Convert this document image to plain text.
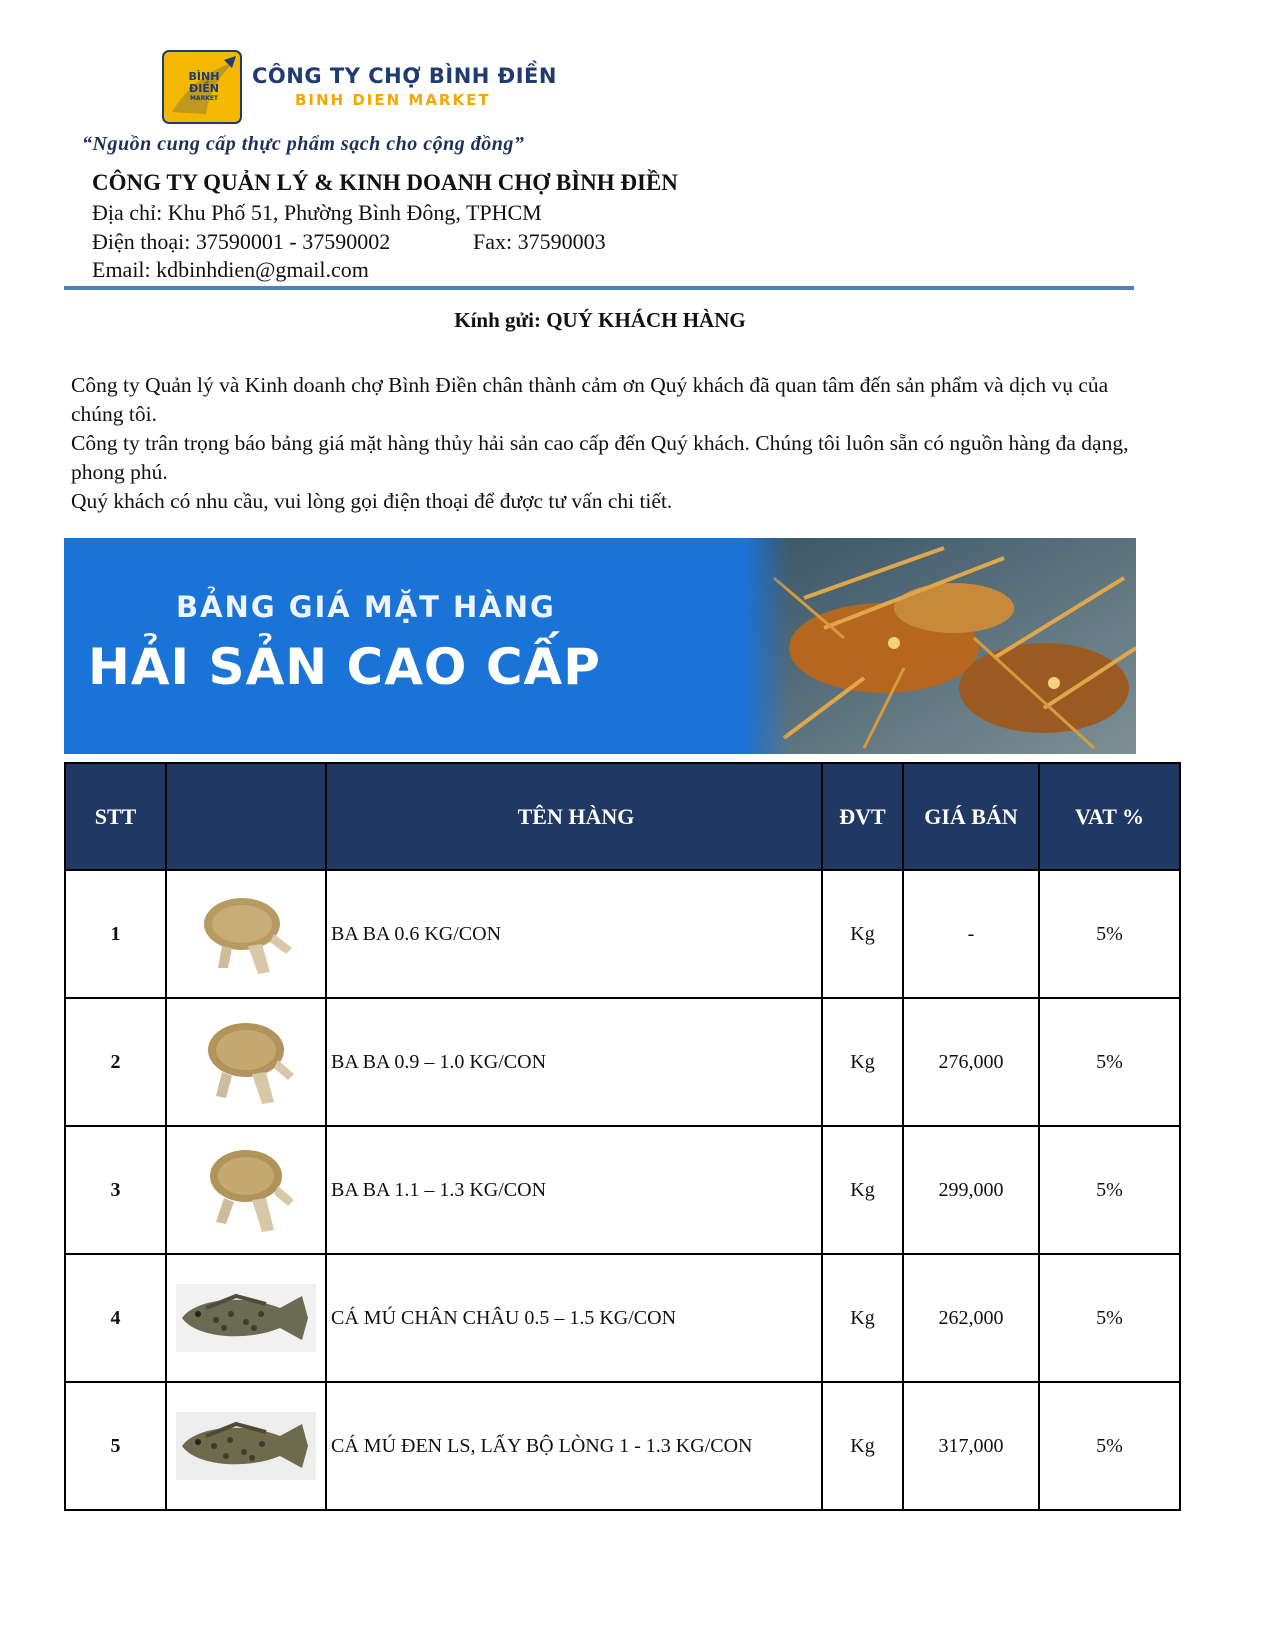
BÌNH
ĐIỀN
MARKET
CÔNG TY CHỢ BÌNH ĐIỀN
BINH DIEN MARKET
“Nguồn cung cấp thực phẩm sạch cho cộng đồng”
CÔNG TY QUẢN LÝ & KINH DOANH CHỢ BÌNH ĐIỀN
Địa chỉ: Khu Phố 51, Phường Bình Đông, TPHCM
Điện thoại: 37590001 - 37590002	Fax: 37590003
Email: kdbinhdien@gmail.com
Kính gửi: QUÝ KHÁCH HÀNG
Công ty Quản lý và Kinh doanh chợ Bình Điền chân thành cảm ơn Quý khách đã quan tâm đến sản phẩm và dịch vụ của chúng tôi.
Công ty trân trọng báo bảng giá mặt hàng thủy hải sản cao cấp đến Quý khách. Chúng tôi luôn sẵn có nguồn hàng đa dạng, phong phú.
Quý khách có nhu cầu, vui lòng gọi điện thoại để được tư vấn chi tiết.
BẢNG GIÁ MẶT HÀNG
HẢI SẢN CAO CẤP
STT		TÊN HÀNG	ĐVT	GIÁ BÁN	VAT %
1		BA BA 0.6 KG/CON	Kg	-	5%
2		BA BA 0.9 – 1.0 KG/CON	Kg	276,000	5%
3		BA BA 1.1 – 1.3 KG/CON	Kg	299,000	5%
4		CÁ MÚ CHÂN CHÂU 0.5 – 1.5 KG/CON	Kg	262,000	5%
5		CÁ MÚ ĐEN LS, LẤY BỘ LÒNG 1 - 1.3 KG/CON	Kg	317,000	5%
